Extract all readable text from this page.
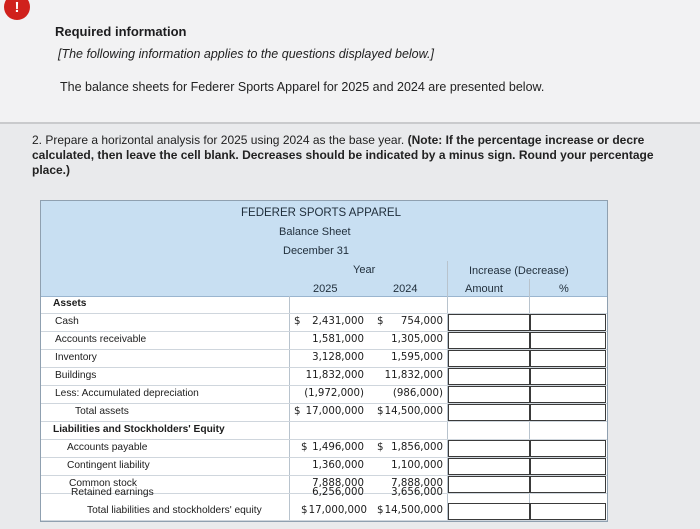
!
Required information
[The following information applies to the questions displayed below.]
The balance sheets for Federer Sports Apparel for 2025 and 2024 are presented below.
2. Prepare a horizontal analysis for 2025 using 2024 as the base year. (Note: If the percentage increase or decre
calculated, then leave the cell blank. Decreases should be indicated by a minus sign. Round your percentage
place.)
FEDERER SPORTS APPAREL
Balance Sheet
December 31
Year
2025	2024
Increase (Decrease)
Amount	%
Assets
Cash	$	2,431,000 $	754,000
Accounts receivable	1,581,000	1,305,000
Inventory	3,128,000	1,595,000
Buildings	11,832,000	11,832,000
Less: Accumulated depreciation	(1,972,000)	(986,000)
Total assets	$ 17,000,000 $ 14,500,000
Liabilities and Stockholders' Equity
Accounts payable	$ 1,496,000 $ 1,856,000
Contingent liability	1,360,000	1,100,000
Common stock	7,888,000	7,888,000
Retained earnings	6,256,000	3,656,000
Total liabilities and stockholders' equity	$ 17,000,000 $ 14,500,000
